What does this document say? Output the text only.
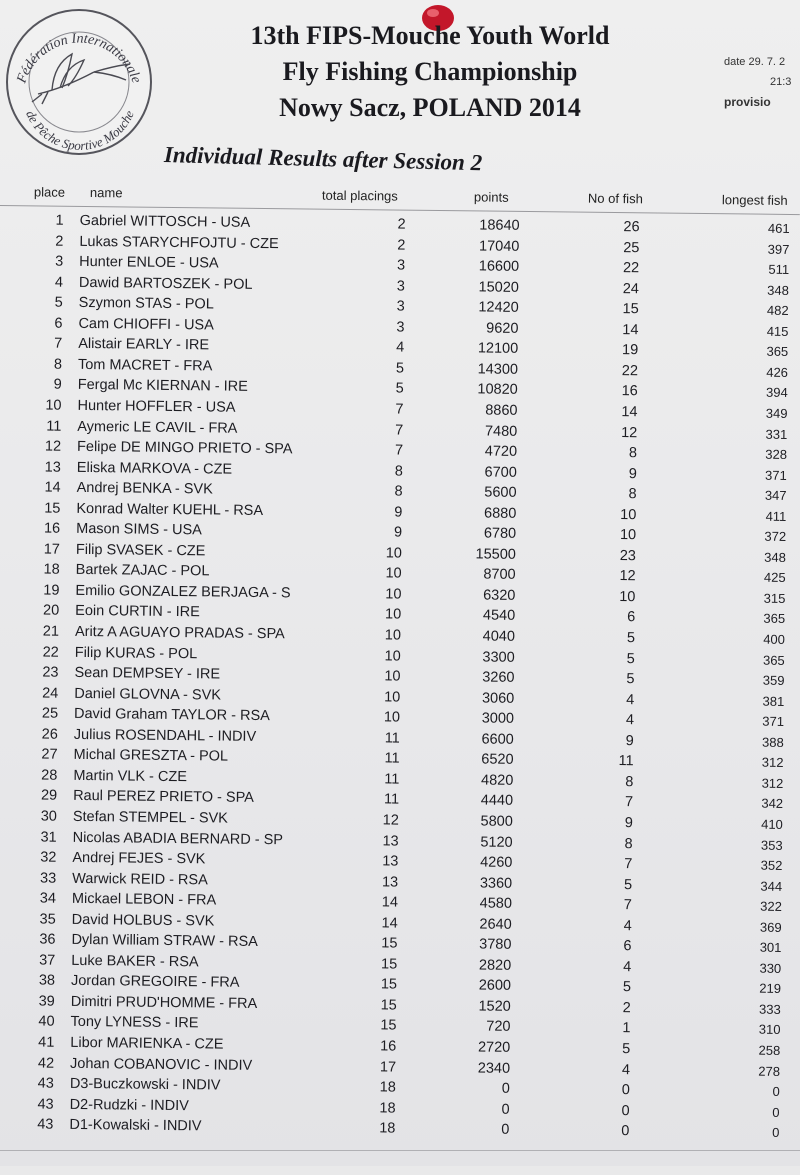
Fédération Internationale
de Pêche Sportive Mouche
13th FIPS-Mouche Youth World
Fly Fishing Championship
Nowy Sacz, POLAND 2014
Individual Results after Session 2
date 29. 7. 2
21:3
provisio
place name	total placings	points	No of fish	longest fish
1 Gabriel WITTOSCH - USA	2	18640	26	461
2 Lukas STARYCHFOJTU - CZE	2	17040	25	397
3 Hunter ENLOE - USA	3	16600	22	511
4 Dawid BARTOSZEK - POL	3	15020	24	348
5 Szymon STAS - POL	3	12420	15	482
6 Cam CHIOFFI - USA	3	9620	14	415
7 Alistair EARLY - IRE	4	12100	19	365
8 Tom MACRET - FRA	5	14300	22	426
9 Fergal Mc KIERNAN - IRE	5	10820	16	394
10 Hunter HOFFLER - USA	7	8860	14	349
11 Aymeric LE CAVIL - FRA	7	7480	12	331
12 Felipe DE MINGO PRIETO - SPA	7	4720	8	328
13 Eliska MARKOVA - CZE	8	6700	9	371
14 Andrej BENKA - SVK	8	5600	8	347
15 Konrad Walter KUEHL - RSA	9	6880	10	411
16 Mason SIMS - USA	9	6780	10	372
17 Filip SVASEK - CZE	10	15500	23	348
18 Bartek ZAJAC - POL	10	8700	12	425
19 Emilio GONZALEZ BERJAGA - S	10	6320	10	315
20 Eoin CURTIN - IRE	10	4540	6	365
21 Aritz A AGUAYO PRADAS - SPA	10	4040	5	400
22 Filip KURAS - POL	10	3300	5	365
23 Sean DEMPSEY - IRE	10	3260	5	359
24 Daniel GLOVNA - SVK	10	3060	4	381
25 David Graham TAYLOR - RSA	10	3000	4	371
26 Julius ROSENDAHL - INDIV	11	6600	9	388
27 Michal GRESZTA - POL	11	6520	11	312
28 Martin VLK - CZE	11	4820	8	312
29 Raul PEREZ PRIETO - SPA	11	4440	7	342
30 Stefan STEMPEL - SVK	12	5800	9	410
31 Nicolas ABADIA BERNARD - SP	13	5120	8	353
32 Andrej FEJES - SVK	13	4260	7	352
33 Warwick REID - RSA	13	3360	5	344
34 Mickael LEBON - FRA	14	4580	7	322
35 David HOLBUS - SVK	14	2640	4	369
36 Dylan William STRAW - RSA	15	3780	6	301
37 Luke BAKER - RSA	15	2820	4	330
38 Jordan GREGOIRE - FRA	15	2600	5	219
39 Dimitri PRUD'HOMME - FRA	15	1520	2	333
40 Tony LYNESS - IRE	15	720	1	310
41 Libor MARIENKA - CZE	16	2720	5	258
42 Johan COBANOVIC - INDIV	17	2340	4	278
43 D3-Buczkowski - INDIV	18	0	0	0
43 D2-Rudzki - INDIV	18	0	0	0
43 D1-Kowalski - INDIV	18	0	0	0
